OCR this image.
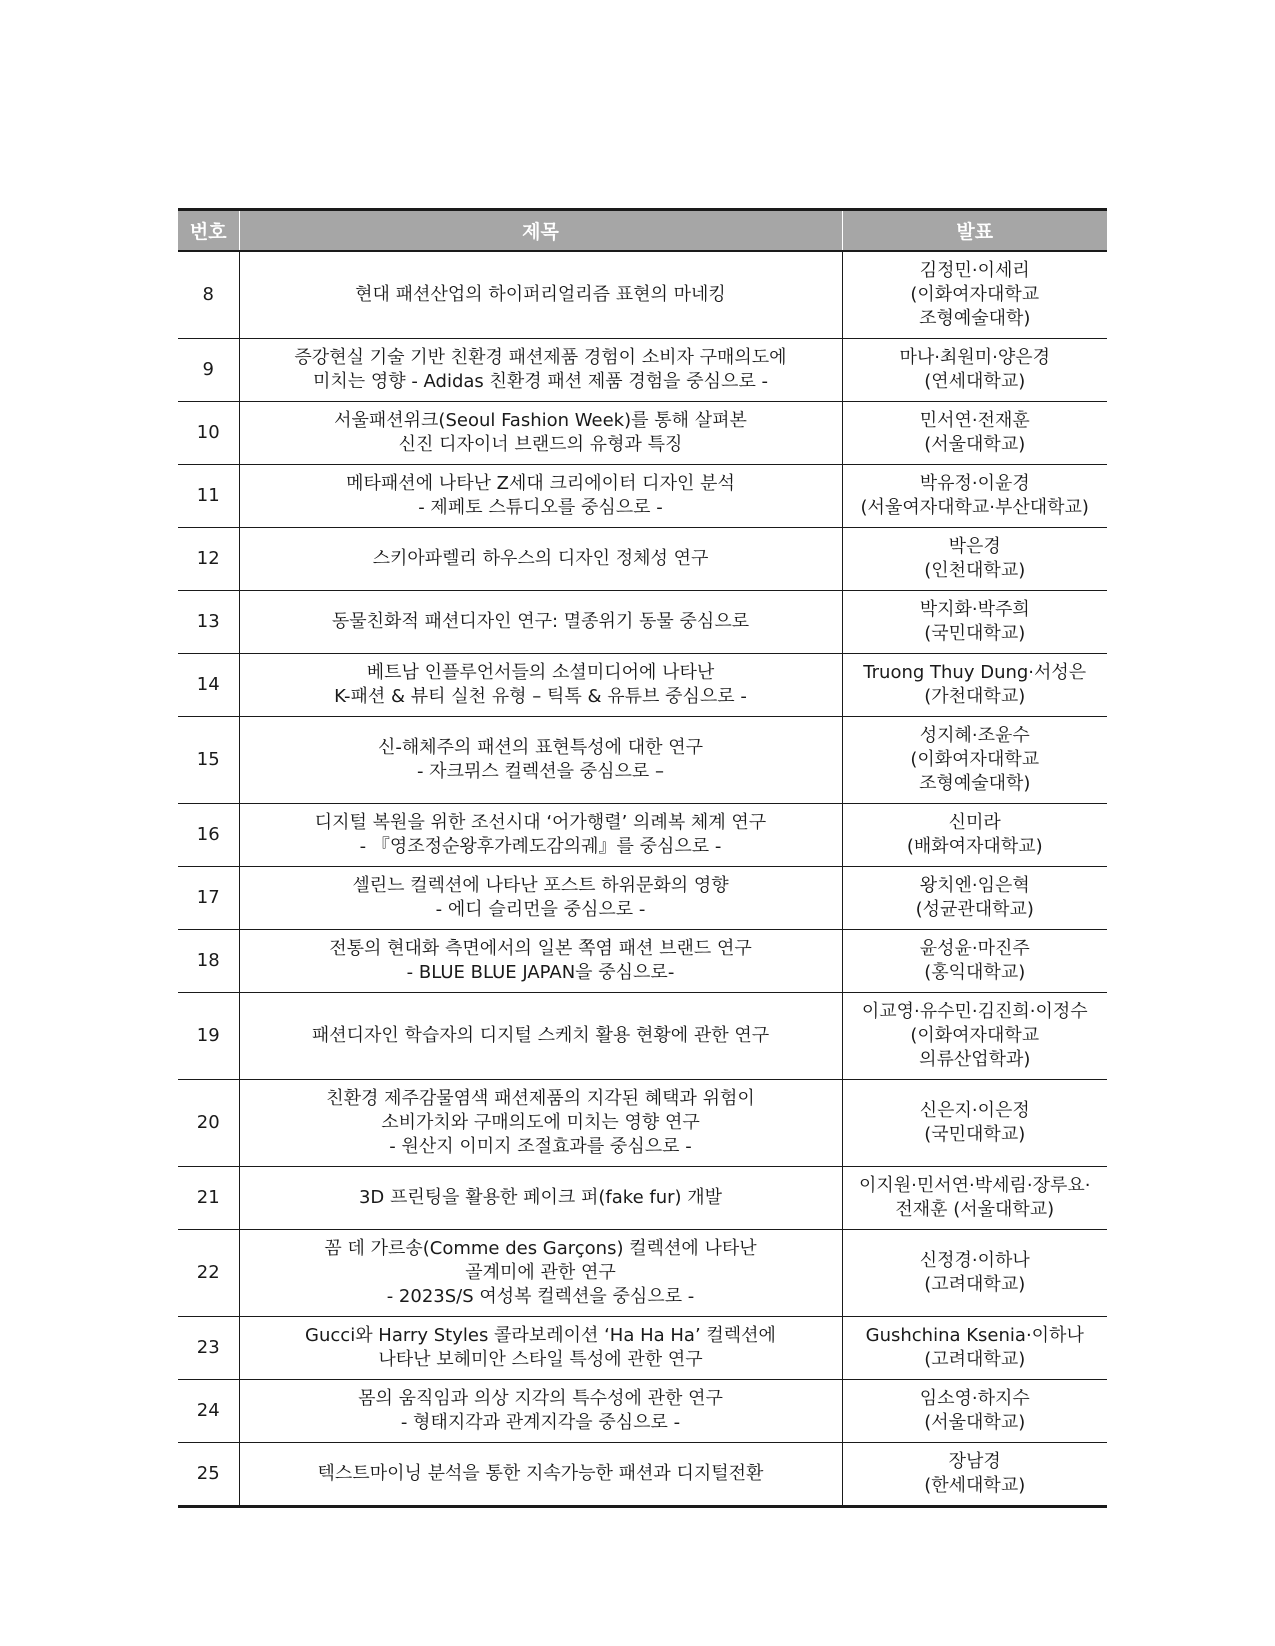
번호	제목	발표
8	현대 패션산업의 하이퍼리얼리즘 표현의 마네킹	김정민·이세리
(이화여자대학교
조형예술대학)

9	증강현실 기술 기반 친환경 패션제품 경험이 소비자 구매의도에
미치는 영향 - Adidas 친환경 패션 제품 경험을 중심으로 -	마나·최원미·양은경
(연세대학교)

10	서울패션위크(Seoul Fashion Week)를 통해 살펴본
신진 디자이너 브랜드의 유형과 특징	민서연·전재훈
(서울대학교)

11	메타패션에 나타난 Z세대 크리에이터 디자인 분석
- 제페토 스튜디오를 중심으로 -	박유정·이윤경
(서울여자대학교·부산대학교)

12	스키아파렐리 하우스의 디자인 정체성 연구	박은경
(인천대학교)

13	동물친화적 패션디자인 연구: 멸종위기 동물 중심으로	박지화·박주희
(국민대학교)

14	베트남 인플루언서들의 소셜미디어에 나타난
K-패션 & 뷰티 실천 유형 – 틱톡 & 유튜브 중심으로 -	Truong Thuy Dung·서성은
(가천대학교)

15	신-해체주의 패션의 표현특성에 대한 연구
- 자크뮈스 컬렉션을 중심으로 –	성지혜·조윤수
(이화여자대학교
조형예술대학)

16	디지털 복원을 위한 조선시대 ‘어가행렬’ 의례복 체계 연구
- 『영조정순왕후가례도감의궤』를 중심으로 -	신미라
(배화여자대학교)

17	셀린느 컬렉션에 나타난 포스트 하위문화의 영향
- 에디 슬리먼을 중심으로 -	왕치엔·임은혁
(성균관대학교)

18	전통의 현대화 측면에서의 일본 쪽염 패션 브랜드 연구
- BLUE BLUE JAPAN을 중심으로-	윤성윤·마진주
(홍익대학교)

19	패션디자인 학습자의 디지털 스케치 활용 현황에 관한 연구	이교영·유수민·김진희·이정수
(이화여자대학교
의류산업학과)

20	친환경 제주감물염색 패션제품의 지각된 혜택과 위험이
소비가치와 구매의도에 미치는 영향 연구
- 원산지 이미지 조절효과를 중심으로 -	신은지·이은정
(국민대학교)

21	3D 프린팅을 활용한 페이크 퍼(fake fur) 개발	이지원·민서연·박세림·장루요·
전재훈 (서울대학교)

22	꼼 데 가르송(Comme des Garçons) 컬렉션에 나타난
골계미에 관한 연구
- 2023S/S 여성복 컬렉션을 중심으로 -	신정경·이하나
(고려대학교)

23	Gucci와 Harry Styles 콜라보레이션 ‘Ha Ha Ha’ 컬렉션에
나타난 보헤미안 스타일 특성에 관한 연구	Gushchina Ksenia·이하나
(고려대학교)

24	몸의 움직임과 의상 지각의 특수성에 관한 연구
- 형태지각과 관계지각을 중심으로 -	임소영·하지수
(서울대학교)

25	텍스트마이닝 분석을 통한 지속가능한 패션과 디지털전환	장남경
(한세대학교)
